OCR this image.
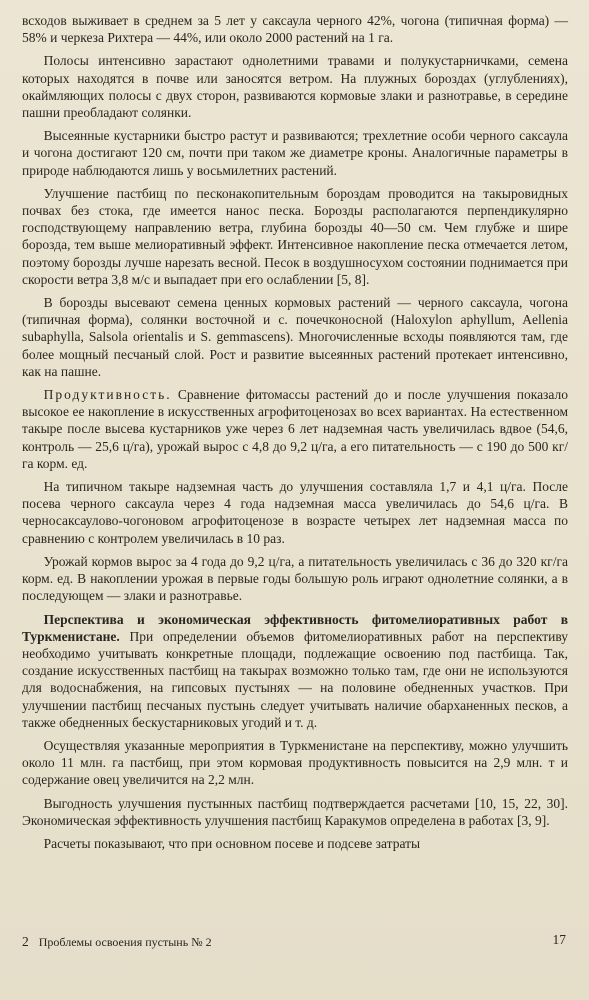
всходов выживает в среднем за 5 лет у саксаула черного 42%, чогона (типичная форма) — 58% и черкеза Рихтера — 44%, или около 2000 растений на 1 га.

Полосы интенсивно зарастают однолетними травами и полукустарничками, семена которых находятся в почве или заносятся ветром. На плужных бороздах (углублениях), окаймляющих полосы с двух сторон, развиваются кормовые злаки и разнотравье, в середине пашни преобладают солянки.

Высеянные кустарники быстро растут и развиваются; трехлетние особи черного саксаула и чогона достигают 120 см, почти при таком же диаметре кроны. Аналогичные параметры в природе наблюдаются лишь у восьмилетних растений.

Улучшение пастбищ по песконакопительным бороздам проводится на такыровидных почвах без стока, где имеется нанос песка. Борозды располагаются перпендикулярно господствующему направлению ветра, глубина борозды 40—50 см. Чем глубже и шире борозда, тем выше мелиоративный эффект. Интенсивное накопление песка отмечается летом, поэтому борозды лучше нарезать весной. Песок в воздушносухом состоянии поднимается при скорости ветра 3,8 м/с и выпадает при его ослаблении [5, 8].

В борозды высевают семена ценных кормовых растений — черного саксаула, чогона (типичная форма), солянки восточной и с. почечконосной (Haloxylon aphyllum, Aellenia subaphylla, Salsola orientalis и S. gemmascens). Многочисленные всходы появляются там, где более мощный песчаный слой. Рост и развитие высеянных растений протекает интенсивно, как на пашне.

Продуктивность. Сравнение фитомассы растений до и после улучшения показало высокое ее накопление в искусственных агрофитоценозах во всех вариантах. На естественном такыре после высева кустарников уже через 6 лет надземная часть увеличилась вдвое (54,6, контроль — 25,6 ц/га), урожай вырос с 4,8 до 9,2 ц/га, а его питательность — с 190 до 500 кг/га корм. ед.

На типичном такыре надземная часть до улучшения составляла 1,7 и 4,1 ц/га. После посева черного саксаула через 4 года надземная масса увеличилась до 54,6 ц/га. В черносаксаулово-чогоновом агрофитоценозе в возрасте четырех лет надземная масса по сравнению с контролем увеличилась в 10 раз.

Урожай кормов вырос за 4 года до 9,2 ц/га, а питательность увеличилась с 36 до 320 кг/га корм. ед. В накоплении урожая в первые годы большую роль играют однолетние солянки, а в последующем — злаки и разнотравье.

Перспектива и экономическая эффективность фитомелиоративных работ в Туркменистане. При определении объемов фитомелиоративных работ на перспективу необходимо учитывать конкретные площади, подлежащие освоению под пастбища. Так, создание искусственных пастбищ на такырах возможно только там, где они не используются для водоснабжения, на гипсовых пустынях — на половине обедненных участков. При улучшении пастбищ песчаных пустынь следует учитывать наличие обарханенных песков, а также обедненных бескустарниковых угодий и т. д.

Осуществляя указанные мероприятия в Туркменистане на перспективу, можно улучшить около 11 млн. га пастбищ, при этом кормовая продуктивность повысится на 2,9 млн. т и содержание овец увеличится на 2,2 млн.

Выгодность улучшения пустынных пастбищ подтверждается расчетами [10, 15, 22, 30]. Экономическая эффективность улучшения пастбищ Каракумов определена в работах [3, 9].

Расчеты показывают, что при основном посеве и подсеве затраты

2 Проблемы освоения пустынь № 2	17
